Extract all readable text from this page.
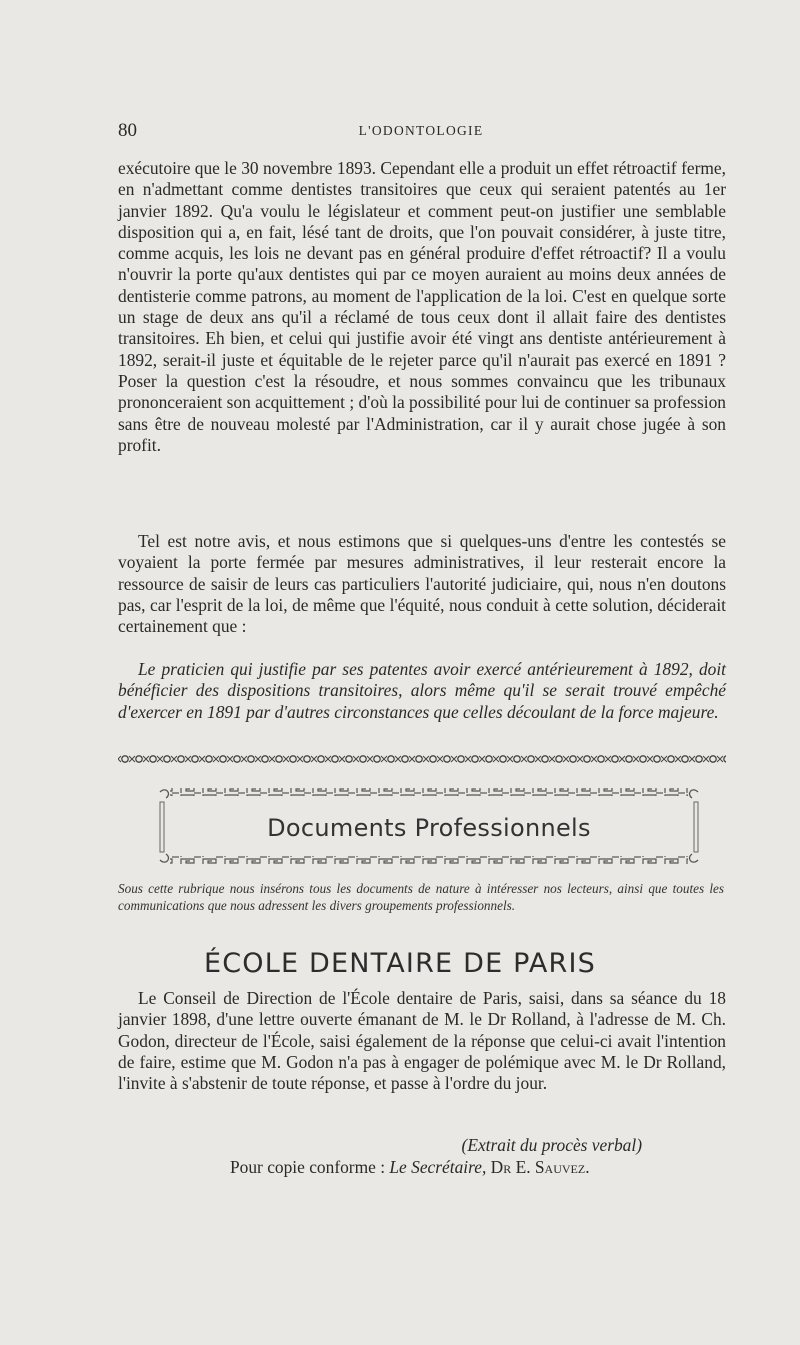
80	L'ODONTOLOGIE
exécutoire que le 30 novembre 1893. Cependant elle a produit un effet rétroactif ferme, en n'admettant comme dentistes transitoires que ceux qui seraient patentés au 1er janvier 1892. Qu'a voulu le législateur et comment peut-on justifier une semblable disposition qui a, en fait, lésé tant de droits, que l'on pouvait considérer, à juste titre, comme acquis, les lois ne devant pas en général produire d'effet rétroactif? Il a voulu n'ouvrir la porte qu'aux dentistes qui par ce moyen auraient au moins deux années de dentisterie comme patrons, au moment de l'application de la loi. C'est en quelque sorte un stage de deux ans qu'il a réclamé de tous ceux dont il allait faire des dentistes transitoires. Eh bien, et celui qui justifie avoir été vingt ans dentiste antérieurement à 1892, serait-il juste et équitable de le rejeter parce qu'il n'aurait pas exercé en 1891 ? Poser la question c'est la résoudre, et nous sommes convaincu que les tribunaux prononceraient son acquittement ; d'où la possibilité pour lui de continuer sa profession sans être de nouveau molesté par l'Administration, car il y aurait chose jugée à son profit.
Tel est notre avis, et nous estimons que si quelques-uns d'entre les contestés se voyaient la porte fermée par mesures administratives, il leur resterait encore la ressource de saisir de leurs cas particuliers l'autorité judiciaire, qui, nous n'en doutons pas, car l'esprit de la loi, de même que l'équité, nous conduit à cette solution, déciderait certainement que :
Le praticien qui justifie par ses patentes avoir exercé antérieurement à 1892, doit bénéficier des dispositions transitoires, alors même qu'il se serait trouvé empêché d'exercer en 1891 par d'autres circonstances que celles découlant de la force majeure.
Documents Professionnels
Sous cette rubrique nous insérons tous les documents de nature à intéresser nos lecteurs, ainsi que toutes les communications que nous adressent les divers groupements professionnels.
ÉCOLE DENTAIRE DE PARIS
Le Conseil de Direction de l'École dentaire de Paris, saisi, dans sa séance du 18 janvier 1898, d'une lettre ouverte émanant de M. le Dr Rolland, à l'adresse de M. Ch. Godon, directeur de l'École, saisi également de la réponse que celui-ci avait l'intention de faire, estime que M. Godon n'a pas à engager de polémique avec M. le Dr Rolland, l'invite à s'abstenir de toute réponse, et passe à l'ordre du jour.
(Extrait du procès verbal)
Pour copie conforme : Le Secrétaire, Dr E. Sauvez.
